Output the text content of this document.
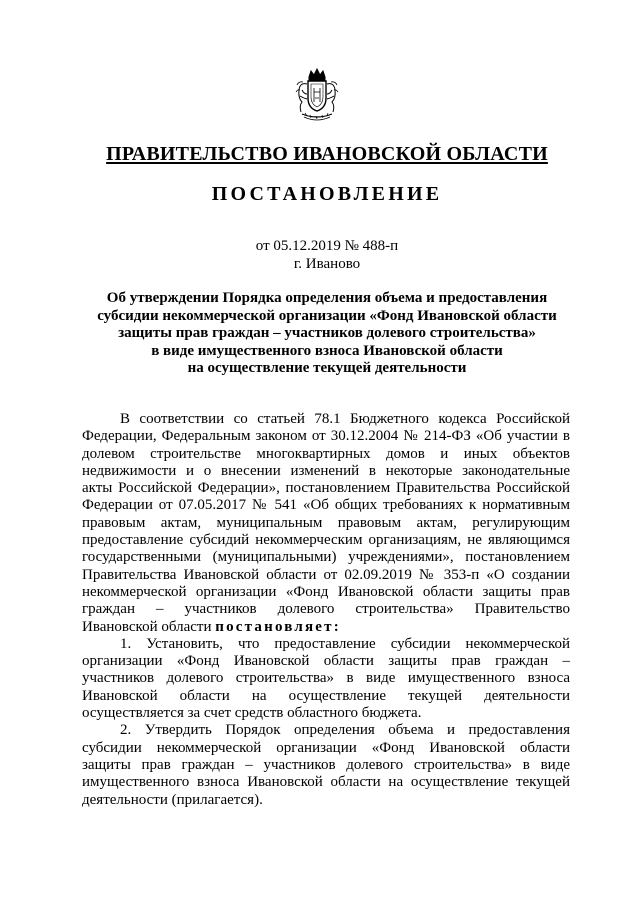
ПРАВИТЕЛЬСТВО ИВАНОВСКОЙ ОБЛАСТИ
ПОСТАНОВЛЕНИЕ
от 05.12.2019 № 488-п
г. Иваново
Об утверждении Порядка определения объема и предоставления
субсидии некоммерческой организации «Фонд Ивановской области
защиты прав граждан – участников долевого строительства»
в виде имущественного взноса Ивановской области
на осуществление текущей деятельности
В соответствии со статьей 78.1 Бюджетного кодекса Российской
Федерации, Федеральным законом от 30.12.2004 № 214-ФЗ «Об участии в
долевом строительстве многоквартирных домов и иных объектов
недвижимости и о внесении изменений в некоторые законодательные
акты Российской Федерации», постановлением Правительства Российской
Федерации от 07.05.2017 № 541 «Об общих требованиях к нормативным
правовым актам, муниципальным правовым актам, регулирующим
предоставление субсидий некоммерческим организациям, не являющимся
государственными (муниципальными) учреждениями», постановлением
Правительства Ивановской области от 02.09.2019 № 353-п «О создании
некоммерческой организации «Фонд Ивановской области защиты прав
граждан – участников долевого строительства» Правительство
Ивановской области постановляет:
1. Установить, что предоставление субсидии некоммерческой
организации «Фонд Ивановской области защиты прав граждан –
участников долевого строительства» в виде имущественного взноса
Ивановской области на осуществление текущей деятельности
осуществляется за счет средств областного бюджета.
2. Утвердить Порядок определения объема и предоставления
субсидии некоммерческой организации «Фонд Ивановской области
защиты прав граждан – участников долевого строительства» в виде
имущественного взноса Ивановской области на осуществление текущей
деятельности (прилагается).
